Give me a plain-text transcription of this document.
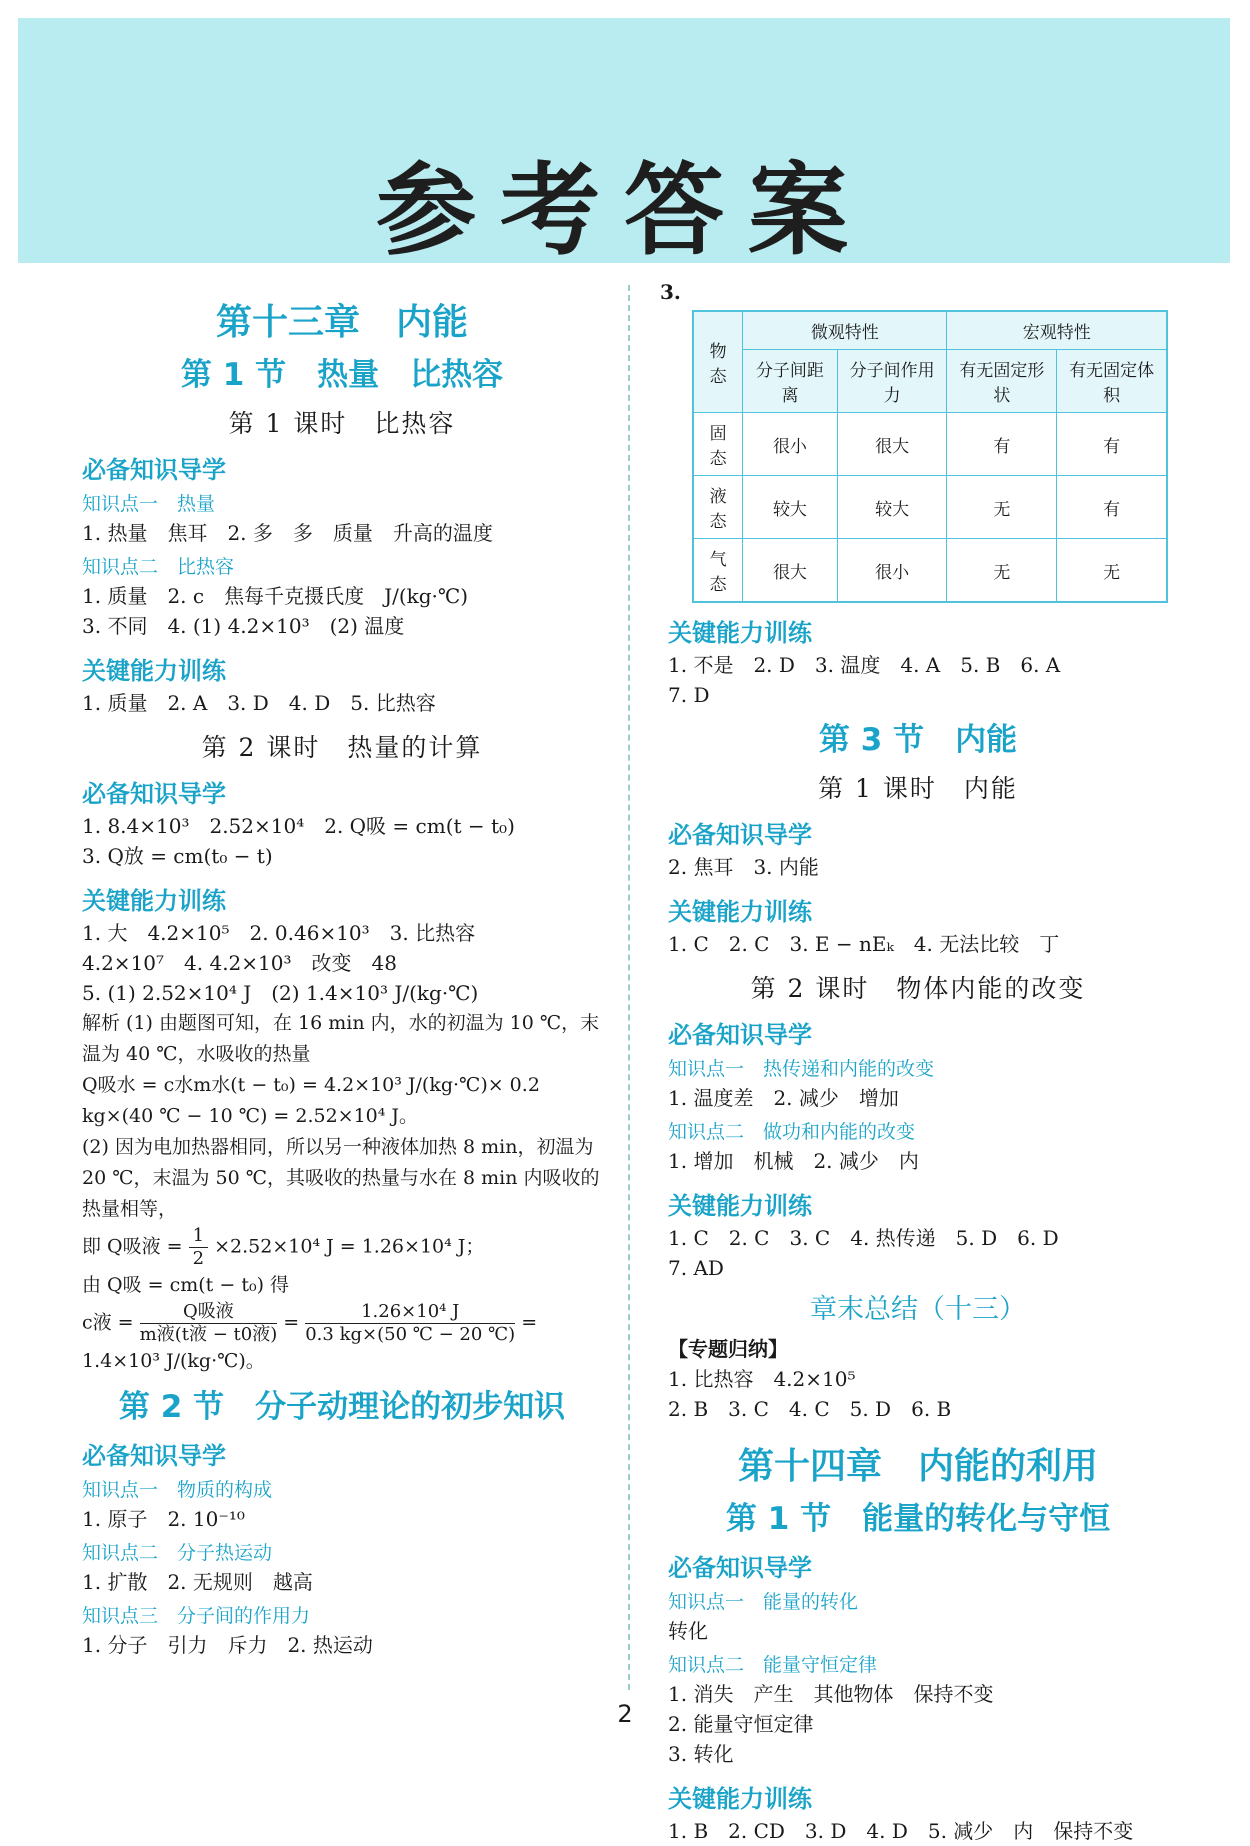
参考答案
第十三章　内能
第 1 节　热量　比热容
第 1 课时　比热容
必备知识导学
知识点一　热量

1. 热量　焦耳　2. 多　多　质量　升高的温度

知识点二　比热容

1. 质量　2. c　焦每千克摄氏度　J/(kg·℃)

3. 不同　4. (1) 4.2×10³　(2) 温度

关键能力训练

1. 质量　2. A　3. D　4. D　5. 比热容

第 2 课时　热量的计算
必备知识导学

1. 8.4×10³　2.52×10⁴　2. Q吸 = cm(t − t₀)

3. Q放 = cm(t₀ − t)

关键能力训练

1. 大　4.2×10⁵　2. 0.46×10³　3. 比热容

4.2×10⁷　4. 4.2×10³　改变　48

5. (1) 2.52×10⁴ J　(2) 1.4×10³ J/(kg·℃)

解析 (1) 由题图可知，在 16 min 内，水的初温为 10 ℃，末温为 40 ℃，水吸收的热量
Q吸水 = c水m水(t − t₀) = 4.2×10³ J/(kg·℃)× 0.2 kg×(40 ℃ − 10 ℃) = 2.52×10⁴ J。
(2) 因为电加热器相同，所以另一种液体加热 8 min，初温为 20 ℃，末温为 50 ℃，其吸收的热量与水在 8 min 内吸收的热量相等，
即 Q吸液 = $\frac{1}{2} \times 2.52\times 10^4$ J = 1.26×10⁴ J；
由 Q吸 = cm(t − t₀) 得
c液 = $\frac{\text{Q吸液}}{\text{m液(t液 − t0液)}} = \frac{\text{1.26×10⁴ J}}{0.3 kg\times(50 ℃ - 20 ℃)}$ =
1.4×10³ J/(kg·℃)。
第 2 节　分子动理论的初步知识
必备知识导学
知识点一　物质的构成

1. 原子　2. 10⁻¹⁰

知识点二　分子热运动

1. 扩散　2. 无规则　越高

知识点三　分子间的作用力

1. 分子　引力　斥力　2. 热运动

3.
物态	微观特性		宏观特性	
	分子间距离	分子间作用力	有无固定形状	有无固定体积
固态	很小	很大	有	有
液态	较大	较大	无	有
气态	很大	很小	无	无
关键能力训练

1. 不是　2. D　3. 温度　4. A　5. B　6. A

7. D

第 3 节　内能
第 1 课时　内能
必备知识导学

2. 焦耳　3. 内能

关键能力训练

1. C　2. C　3. E − nEₖ　4. 无法比较　丁

第 2 课时　物体内能的改变
必备知识导学
知识点一　热传递和内能的改变

1. 温度差　2. 减少　增加

知识点二　做功和内能的改变

1. 增加　机械　2. 减少　内

关键能力训练

1. C　2. C　3. C　4. 热传递　5. D　6. D

7. AD

章末总结（十三）

【专题归纳】

1. 比热容　4.2×10⁵

2. B　3. C　4. C　5. D　6. B

第十四章　内能的利用
第 1 节　能量的转化与守恒
必备知识导学
知识点一　能量的转化

转化

知识点二　能量守恒定律

1. 消失　产生　其他物体　保持不变

2. 能量守恒定律

3. 转化

关键能力训练

1. B　2. CD　3. D　4. D　5. 减少　内　保持不变

2
